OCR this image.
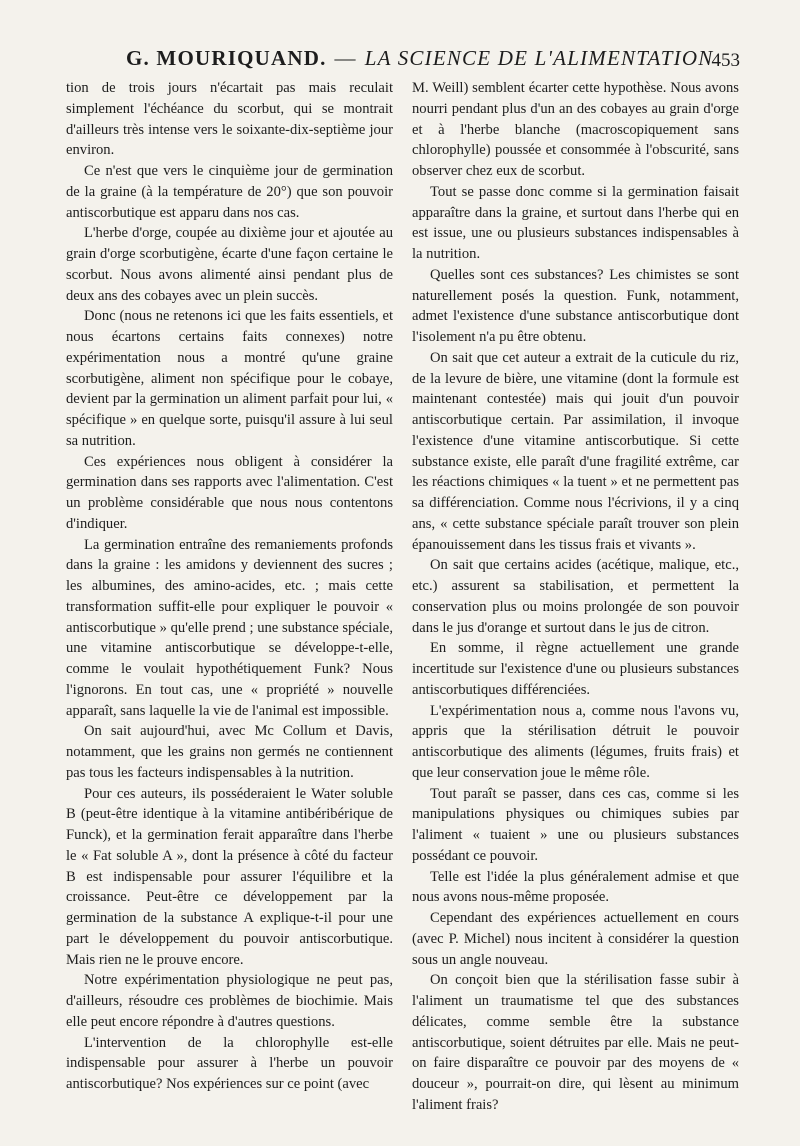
G. MOURIQUAND. — LA SCIENCE DE L'ALIMENTATION
453

tion de trois jours n'écartait pas mais reculait simplement l'échéance du scorbut, qui se montrait d'ailleurs très intense vers le soixante-dix-septième jour environ.

Ce n'est que vers le cinquième jour de germination de la graine (à la température de 20°) que son pouvoir antiscorbutique est apparu dans nos cas.

L'herbe d'orge, coupée au dixième jour et ajoutée au grain d'orge scorbutigène, écarte d'une façon certaine le scorbut. Nous avons alimenté ainsi pendant plus de deux ans des cobayes avec un plein succès.

Donc (nous ne retenons ici que les faits essentiels, et nous écartons certains faits connexes) notre expérimentation nous a montré qu'une graine scorbutigène, aliment non spécifique pour le cobaye, devient par la germination un aliment parfait pour lui, « spécifique » en quelque sorte, puisqu'il assure à lui seul sa nutrition.

Ces expériences nous obligent à considérer la germination dans ses rapports avec l'alimentation. C'est un problème considérable que nous nous contentons d'indiquer.

La germination entraîne des remaniements profonds dans la graine : les amidons y deviennent des sucres ; les albumines, des amino-acides, etc. ; mais cette transformation suffit-elle pour expliquer le pouvoir « antiscorbutique » qu'elle prend ; une substance spéciale, une vitamine antiscorbutique se développe-t-elle, comme le voulait hypothétiquement Funk? Nous l'ignorons. En tout cas, une « propriété » nouvelle apparaît, sans laquelle la vie de l'animal est impossible.

On sait aujourd'hui, avec Mc Collum et Davis, notamment, que les grains non germés ne contiennent pas tous les facteurs indispensables à la nutrition.

Pour ces auteurs, ils posséderaient le Water soluble B (peut-être identique à la vitamine antibéribérique de Funck), et la germination ferait apparaître dans l'herbe le « Fat soluble A », dont la présence à côté du facteur B est indispensable pour assurer l'équilibre et la croissance. Peut-être ce développement par la germination de la substance A explique-t-il pour une part le développement du pouvoir antiscorbutique. Mais rien ne le prouve encore.

Notre expérimentation physiologique ne peut pas, d'ailleurs, résoudre ces problèmes de biochimie. Mais elle peut encore répondre à d'autres questions.

L'intervention de la chlorophylle est-elle indispensable pour assurer à l'herbe un pouvoir antiscorbutique? Nos expériences sur ce point (avec

M. Weill) semblent écarter cette hypothèse. Nous avons nourri pendant plus d'un an des cobayes au grain d'orge et à l'herbe blanche (macroscopiquement sans chlorophylle) poussée et consommée à l'obscurité, sans observer chez eux de scorbut.

Tout se passe donc comme si la germination faisait apparaître dans la graine, et surtout dans l'herbe qui en est issue, une ou plusieurs substances indispensables à la nutrition.

Quelles sont ces substances? Les chimistes se sont naturellement posés la question. Funk, notamment, admet l'existence d'une substance antiscorbutique dont l'isolement n'a pu être obtenu.

On sait que cet auteur a extrait de la cuticule du riz, de la levure de bière, une vitamine (dont la formule est maintenant contestée) mais qui jouit d'un pouvoir antiscorbutique certain. Par assimilation, il invoque l'existence d'une vitamine antiscorbutique. Si cette substance existe, elle paraît d'une fragilité extrême, car les réactions chimiques « la tuent » et ne permettent pas sa différenciation. Comme nous l'écrivions, il y a cinq ans, « cette substance spéciale paraît trouver son plein épanouissement dans les tissus frais et vivants ».

On sait que certains acides (acétique, malique, etc., etc.) assurent sa stabilisation, et permettent la conservation plus ou moins prolongée de son pouvoir dans le jus d'orange et surtout dans le jus de citron.

En somme, il règne actuellement une grande incertitude sur l'existence d'une ou plusieurs substances antiscorbutiques différenciées.

L'expérimentation nous a, comme nous l'avons vu, appris que la stérilisation détruit le pouvoir antiscorbutique des aliments (légumes, fruits frais) et que leur conservation joue le même rôle.

Tout paraît se passer, dans ces cas, comme si les manipulations physiques ou chimiques subies par l'aliment « tuaient » une ou plusieurs substances possédant ce pouvoir.

Telle est l'idée la plus généralement admise et que nous avons nous-même proposée.

Cependant des expériences actuellement en cours (avec P. Michel) nous incitent à considérer la question sous un angle nouveau.

On conçoit bien que la stérilisation fasse subir à l'aliment un traumatisme tel que des substances délicates, comme semble être la substance antiscorbutique, soient détruites par elle. Mais ne peut-on faire disparaître ce pouvoir par des moyens de « douceur », pourrait-on dire, qui lèsent au minimum l'aliment frais?
